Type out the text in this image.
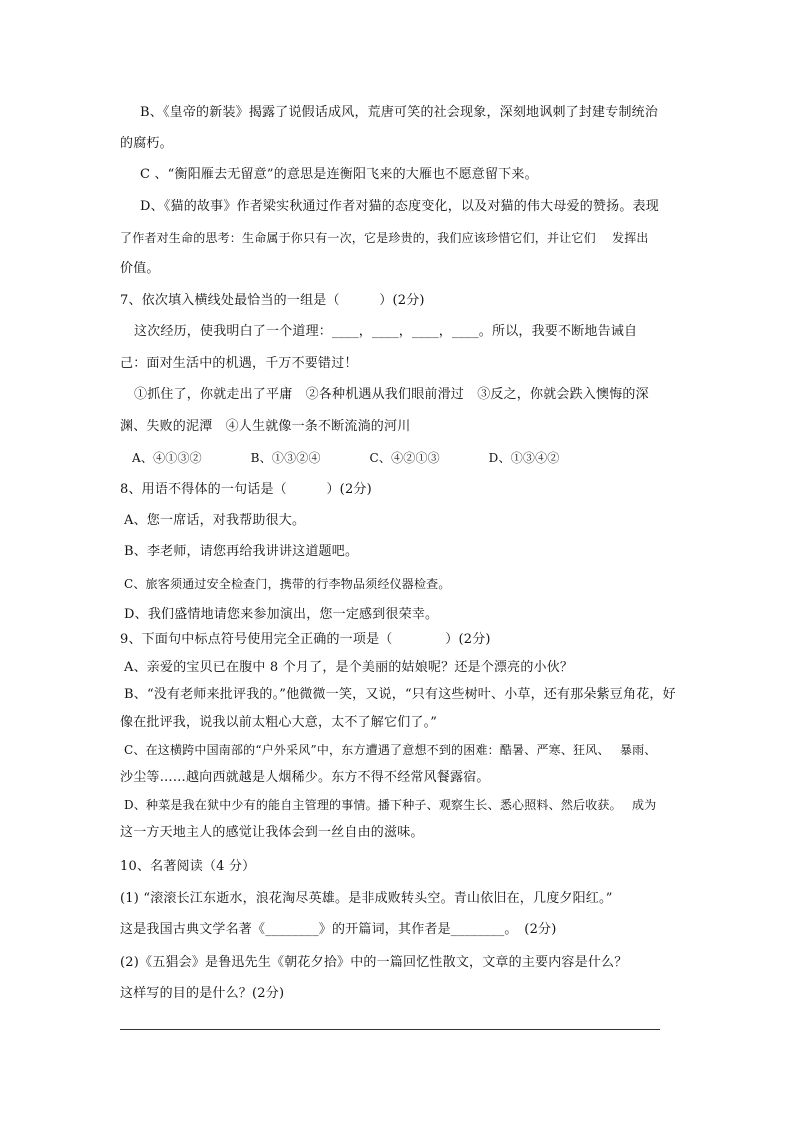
B、《皇帝的新装》揭露了说假话成风，荒唐可笑的社会现象，深刻地讽刺了封建专制统治
的腐朽。
C 、“衡阳雁去无留意”的意思是连衡阳飞来的大雁也不愿意留下来。
D、《猫的故事》作者梁实秋通过作者对猫的态度变化，以及对猫的伟大母爱的赞扬。表现
了作者对生命的思考：生命属于你只有一次，它是珍贵的，我们应该珍惜它们，并让它们　 发挥出
价值。
7、依次填入横线处最恰当的一组是（　　　）(2分)
这次经历，使我明白了一个道理：____，____，____，____。所以，我要不断地告诫自
己：面对生活中的机遇，千万不要错过！
①抓住了，你就走出了平庸　②各种机遇从我们眼前滑过　③反之，你就会跌入懊悔的深
渊、失败的泥潭　④人生就像一条不断流淌的河川
A、④①③②　　　　B、①③②④　　　　C、④②①③　　　　D、①③④②
8、用语不得体的一句话是（　　　）(2分)
A、您一席话，对我帮助很大。
B、李老师，请您再给我讲讲这道题吧。
C、旅客须通过安全检查门，携带的行李物品须经仪器检查。
D、我们盛情地请您来参加演出，您一定感到很荣幸。
9、下面句中标点符号使用完全正确的一项是（　　　　）(2分)
A、亲爱的宝贝已在腹中 8 个月了，是个美丽的姑娘呢？还是个漂亮的小伙？
B、“没有老师来批评我的。”他微微一笑，又说，“只有这些树叶、小草，还有那朵紫豆角花，好
像在批评我，说我以前太粗心大意，太不了解它们了。”
C、在这横跨中国南部的“户外采风”中，东方遭遇了意想不到的困难：酷暑、严寒、狂风、　 暴雨、
沙尘等……越向西就越是人烟稀少。东方不得不经常风餐露宿。
D、种菜是我在狱中少有的能自主管理的事情。播下种子、观察生长、悉心照料、然后收获。　 成为
这一方天地主人的感觉让我体会到一丝自由的滋味。
10、名著阅读（4 分）
(1) “滚滚长江东逝水，浪花淘尽英雄。是非成败转头空。青山依旧在，几度夕阳红。”
这是我国古典文学名著《________》的开篇词，其作者是________。　(2分)
(2)《五猖会》是鲁迅先生《朝花夕拾》中的一篇回忆性散文，文章的主要内容是什么？
这样写的目的是什么？(2分)
